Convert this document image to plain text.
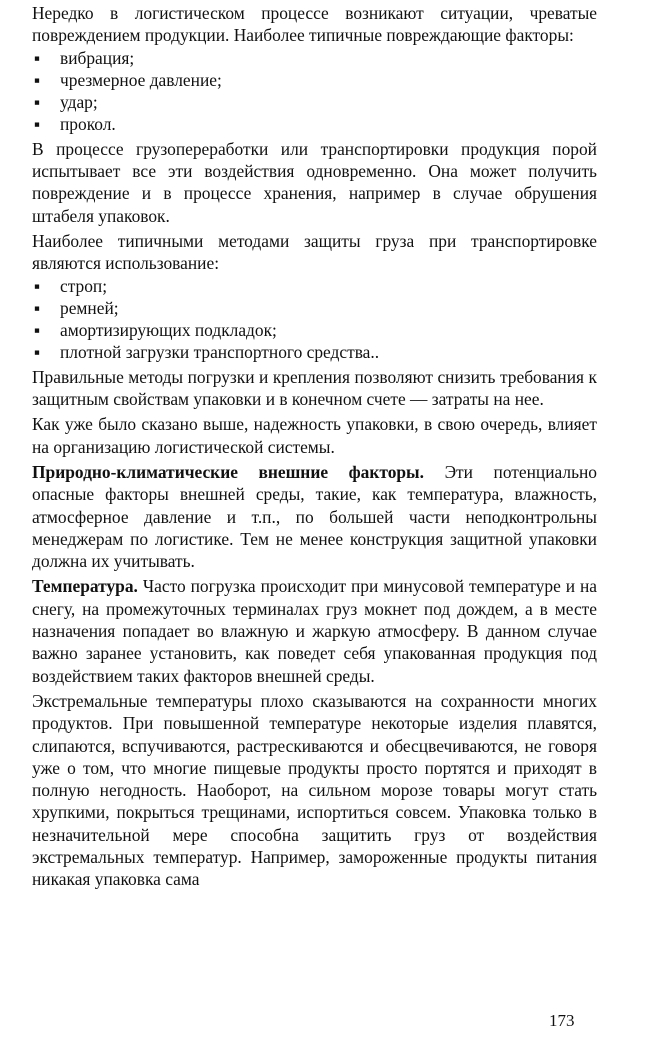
Нередко в логистическом процессе возникают ситуации, чреватые повреждением продукции. Наиболее типичные повреждающие факторы:

▪ вибрация;
▪ чрезмерное давление;
▪ удар;
▪ прокол.

В процессе грузопереработки или транспортировки продукция порой испытывает все эти воздействия одновременно. Она может получить повреждение и в процессе хранения, например в случае обрушения штабеля упаковок.

Наиболее типичными методами защиты груза при транспортировке являются использование:

▪ строп;
▪ ремней;
▪ амортизирующих подкладок;
▪ плотной загрузки транспортного средства..

Правильные методы погрузки и крепления позволяют снизить требования к защитным свойствам упаковки и в конечном счете — затраты на нее.

Как уже было сказано выше, надежность упаковки, в свою очередь, влияет на организацию логистической системы.

Природно-климатические внешние факторы. Эти потенциально опасные факторы внешней среды, такие, как температура, влажность, атмосферное давление и т.п., по большей части неподконтрольны менеджерам по логистике. Тем не менее конструкция защитной упаковки должна их учитывать.

Температура. Часто погрузка происходит при минусовой температуре и на снегу, на промежуточных терминалах груз мокнет под дождем, а в месте назначения попадает во влажную и жаркую атмосферу. В данном случае важно заранее установить, как поведет себя упакованная продукция под воздействием таких факторов внешней среды.

Экстремальные температуры плохо сказываются на сохранности многих продуктов. При повышенной температуре некоторые изделия плавятся, слипаются, вспучиваются, растрескиваются и обесцвечиваются, не говоря уже о том, что многие пищевые продукты просто портятся и приходят в полную негодность. Наоборот, на сильном морозе товары могут стать хрупкими, покрыться трещинами, испортиться совсем. Упаковка только в незначительной мере способна защитить груз от воздействия экстремальных температур. Например, замороженные продукты питания никакая упаковка сама

173
